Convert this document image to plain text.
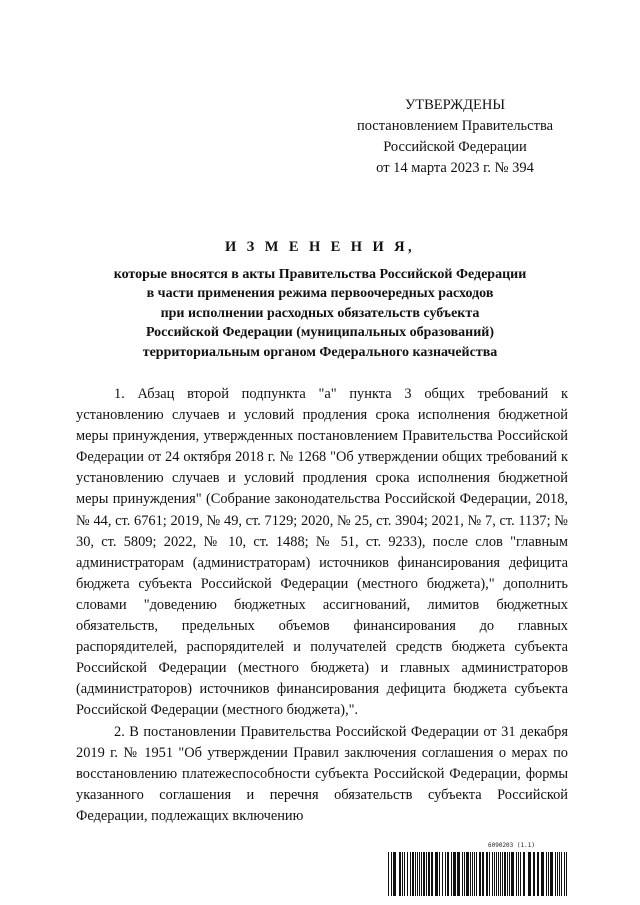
УТВЕРЖДЕНЫ
постановлением Правительства
Российской Федерации
от 14 марта 2023 г. № 394
И З М Е Н Е Н И Я,
которые вносятся в акты Правительства Российской Федерации
в части применения режима первоочередных расходов
при исполнении расходных обязательств субъекта
Российской Федерации (муниципальных образований)
территориальным органом Федерального казначейства

1. Абзац второй подпункта "а" пункта 3 общих требований к установлению случаев и условий продления срока исполнения бюджетной меры принуждения, утвержденных постановлением Правительства Российской Федерации от 24 октября 2018 г. № 1268 "Об утверждении общих требований к установлению случаев и условий продления срока исполнения бюджетной меры принуждения" (Собрание законодательства Российской Федерации, 2018, № 44, ст. 6761; 2019, № 49, ст. 7129; 2020, № 25, ст. 3904; 2021, № 7, ст. 1137; № 30, ст. 5809; 2022, № 10, ст. 1488; № 51, ст. 9233), после слов "главным администраторам (администраторам) источников финансирования дефицита бюджета субъекта Российской Федерации (местного бюджета)," дополнить словами "доведению бюджетных ассигнований, лимитов бюджетных обязательств, предельных объемов финансирования до главных распорядителей, распорядителей и получателей средств бюджета субъекта Российской Федерации (местного бюджета) и главных администраторов (администраторов) источников финансирования дефицита бюджета субъекта Российской Федерации (местного бюджета),".

2. В постановлении Правительства Российской Федерации от 31 декабря 2019 г. № 1951 "Об утверждении Правил заключения соглашения о мерах по восстановлению платежеспособности субъекта Российской Федерации, формы указанного соглашения и перечня обязательств субъекта Российской Федерации, подлежащих включению

6090203 (1.1)
